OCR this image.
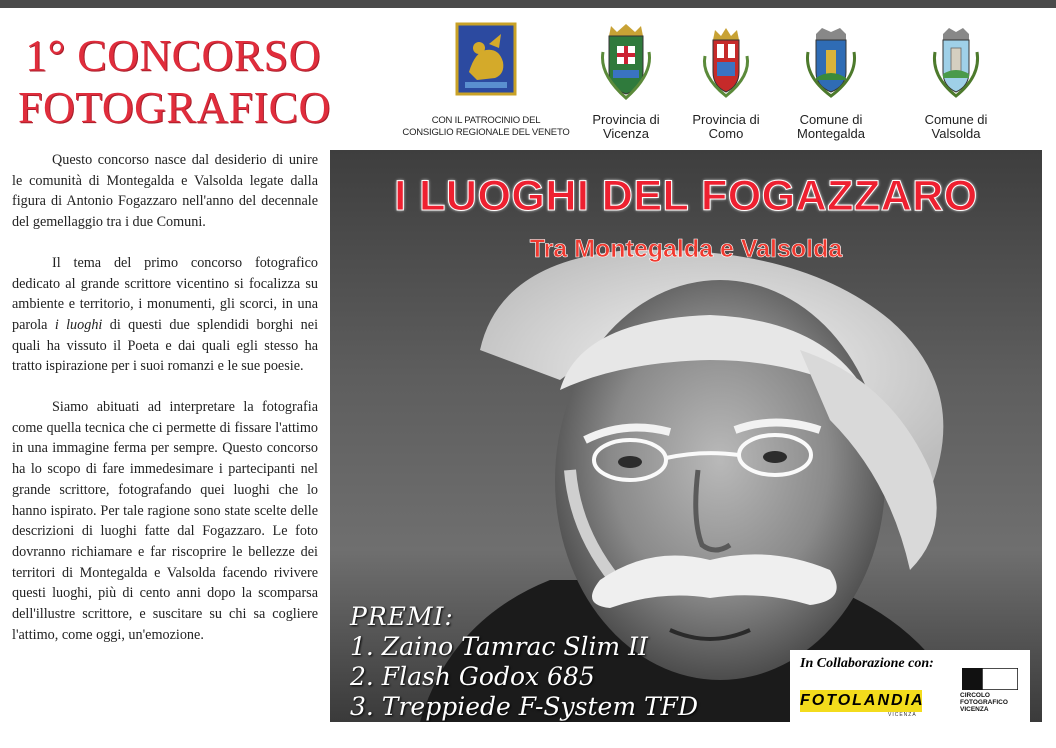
1° CONCORSO
FOTOGRAFICO

Questo concorso nasce dal desiderio di unire le comunità di Montegalda e Valsolda legate dalla figura di Antonio Fogazzaro nell'anno del decennale del gemellaggio tra i due Comuni.

Il tema del primo concorso fotografico dedicato al grande scrittore vicentino si focalizza su ambiente e territorio, i monumenti, gli scorci, in una parola i luoghi di questi due splendidi borghi nei quali ha vissuto il Poeta e dai quali egli stesso ha tratto ispirazione per i suoi romanzi e le sue poesie.

Siamo abituati ad interpretare la fotografia come quella tecnica che ci permette di fissare l'attimo in una immagine ferma per sempre. Questo concorso ha lo scopo di fare immedesimare i partecipanti nel grande scrittore, fotografando quei luoghi che lo hanno ispirato. Per tale ragione sono state scelte delle descrizioni di luoghi fatte dal Fogazzaro. Le foto dovranno richiamare e far riscoprire le bellezze dei territori di Montegalda e Valsolda facendo rivivere questi luoghi, più di cento anni dopo la scomparsa dell'illustre scrittore, e suscitare su chi sa cogliere l'attimo, come oggi, un'emozione.

CON IL PATROCINIO DEL
CONSIGLIO REGIONALE DEL VENETO
Provincia di
Vicenza
Provincia di
Como
Comune di
Montegalda
Comune di
Valsolda
I LUOGHI DEL FOGAZZARO
Tra Montegalda e Valsolda
PREMI:
1. Zaino Tamrac Slim II
2. Flash Godox 685
3. Treppiede F-System TFD
In Collaborazione con:
FOTOLANDIA
VICENZA
CIRCOLO FOTOGRAFICO VICENZA
